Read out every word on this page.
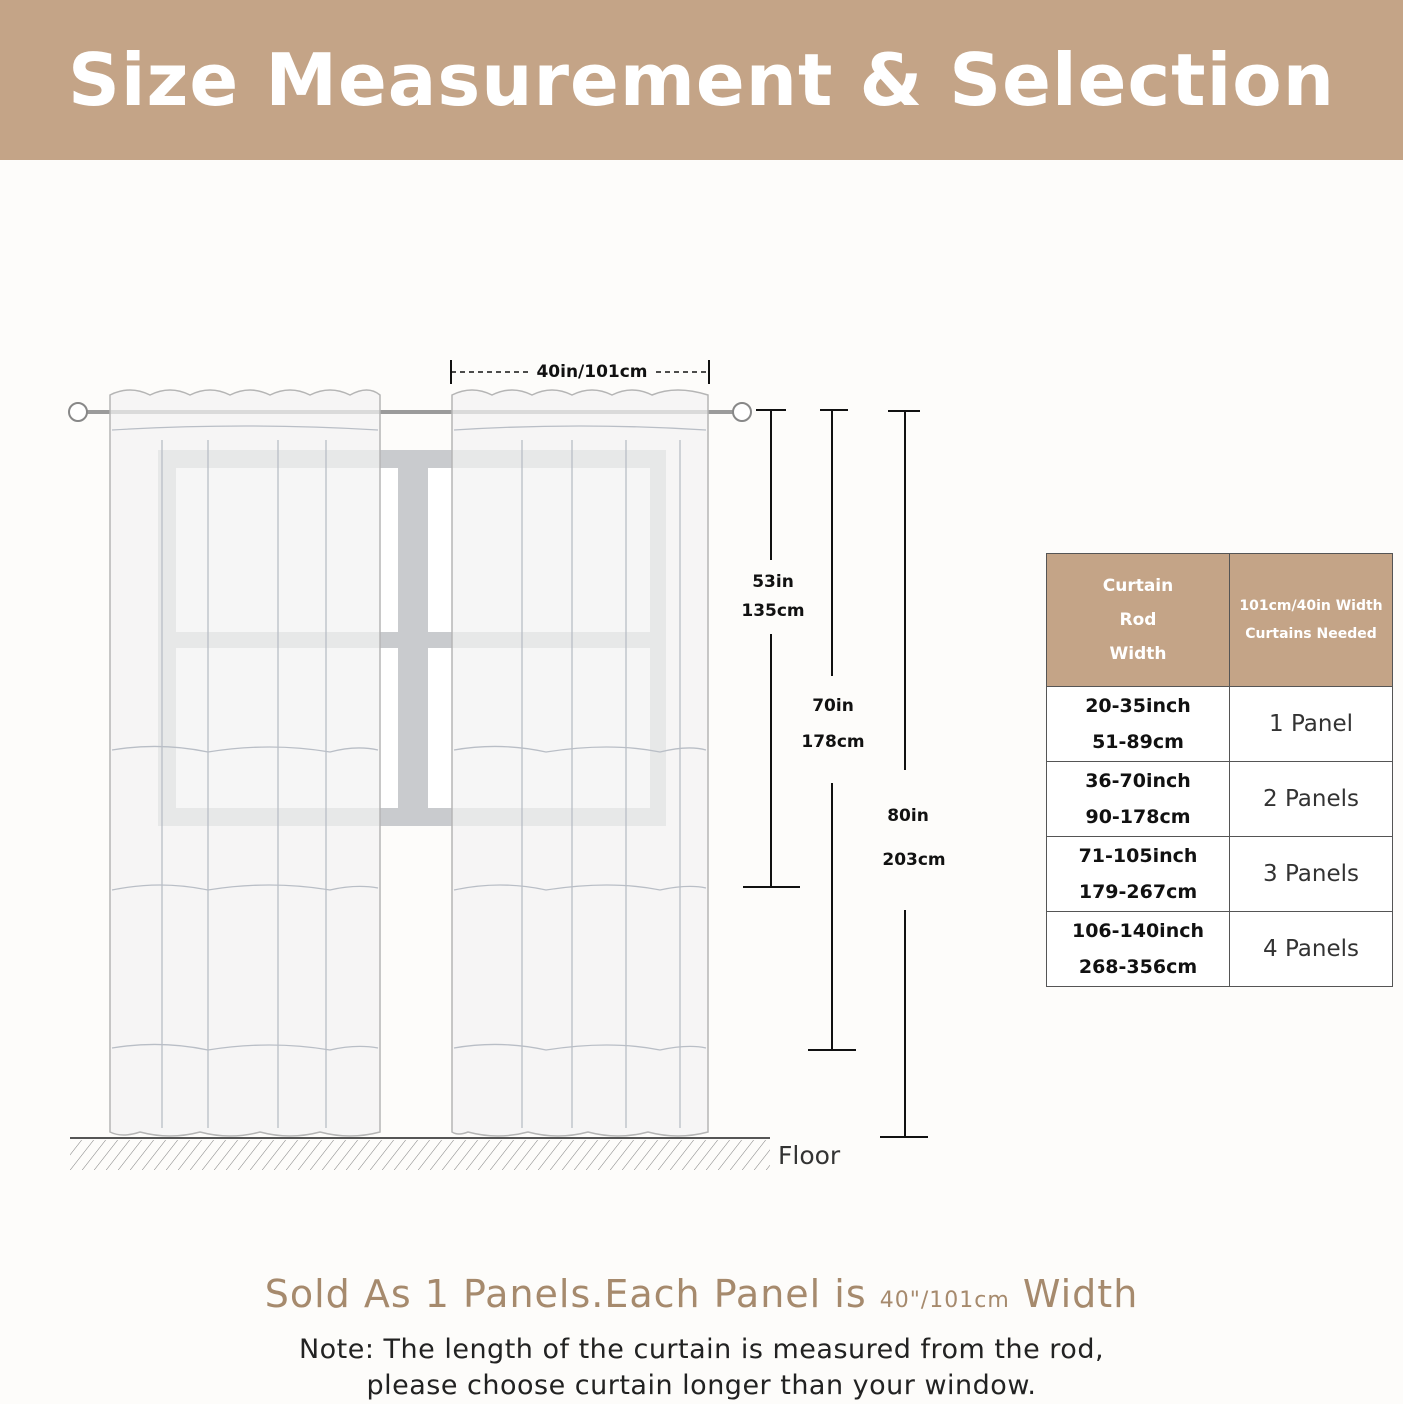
Size Measurement & Selection
40in/101cm
53in
135cm
70in
178cm
80in
203cm
Floor
Curtain
Rod
Width	101cm/40in Width
Curtains Needed

20-35inch
51-89cm	1 Panel

36-70inch
90-178cm	2 Panels

71-105inch
179-267cm	3 Panels

106-140inch
268-356cm	4 Panels
Sold As 1 Panels.Each Panel is 40"/101cm Width
Note: The length of the curtain is measured from the rod,
please choose curtain longer than your window.
